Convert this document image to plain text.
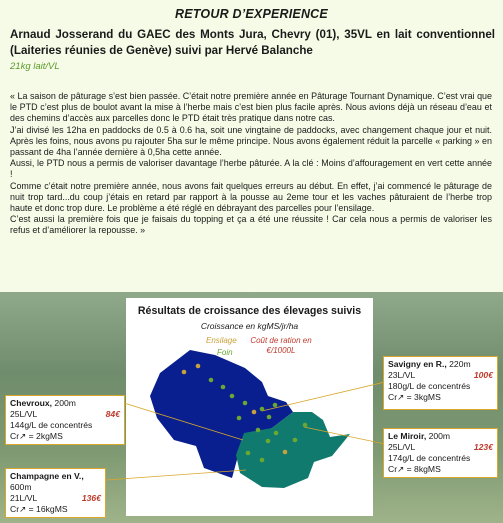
RETOUR D’EXPERIENCE
Arnaud Josserand du GAEC des Monts Jura, Chevry (01), 35VL en lait conventionnel (Laiteries réunies de Genève) suivi par Hervé Balanche
21kg lait/VL

« La saison de pâturage s’est bien passée. C’était notre première année en Pâturage Tournant Dynamique. C’est vrai que le PTD c’est plus de boulot avant la mise à l’herbe mais c’est bien plus facile après. Nous avions déjà un réseau d’eau et des chemins d’accès aux parcelles donc le PTD était très pratique dans notre cas.

J’ai divisé les 12ha en paddocks de 0.5 à 0.6 ha, soit une vingtaine de paddocks, avec changement chaque jour et nuit. Après les foins, nous avons pu rajouter 5ha sur le même principe. Nous avons également réduit la parcelle « parking » en passant de 4ha l’année dernière à 0,5ha cette année.

Aussi, le PTD nous a permis de valoriser davantage l’herbe pâturée. A la clé : Moins d’affouragement en vert cette année !

Comme c’était notre première année, nous avons fait quelques erreurs au début. En effet, j’ai commencé le pâturage de nuit trop tard...du coup j’étais en retard par rapport à la pousse au 2eme tour et les vaches pâturaient de l’herbe trop haute et donc trop dure. Le problème a été réglé en débrayant des parcelles pour l’ensilage.

C’est aussi la première fois que je faisais du topping et ça a été une réussite ! Car cela nous a permis de valoriser les refus et d’améliorer la repousse. »

Résultats de croissance des élevages suivis
Croissance en kgMS/jr/ha
Ensilage
Foin
Coût de ration en €/1000L
Chevroux, 200m
25L/VL	84€
144g/L de concentrés
Cr↗ = 2kgMS
Champagne en V.,
600m
21L/VL	136€
Cr↗ = 16kgMS
Savigny en R., 220m
23L/VL	100€
180g/L de concentrés
Cr↗ = 3kgMS
Le Miroir, 200m
25L/VL	123€
174g/L de concentrés
Cr↗ = 8kgMS
